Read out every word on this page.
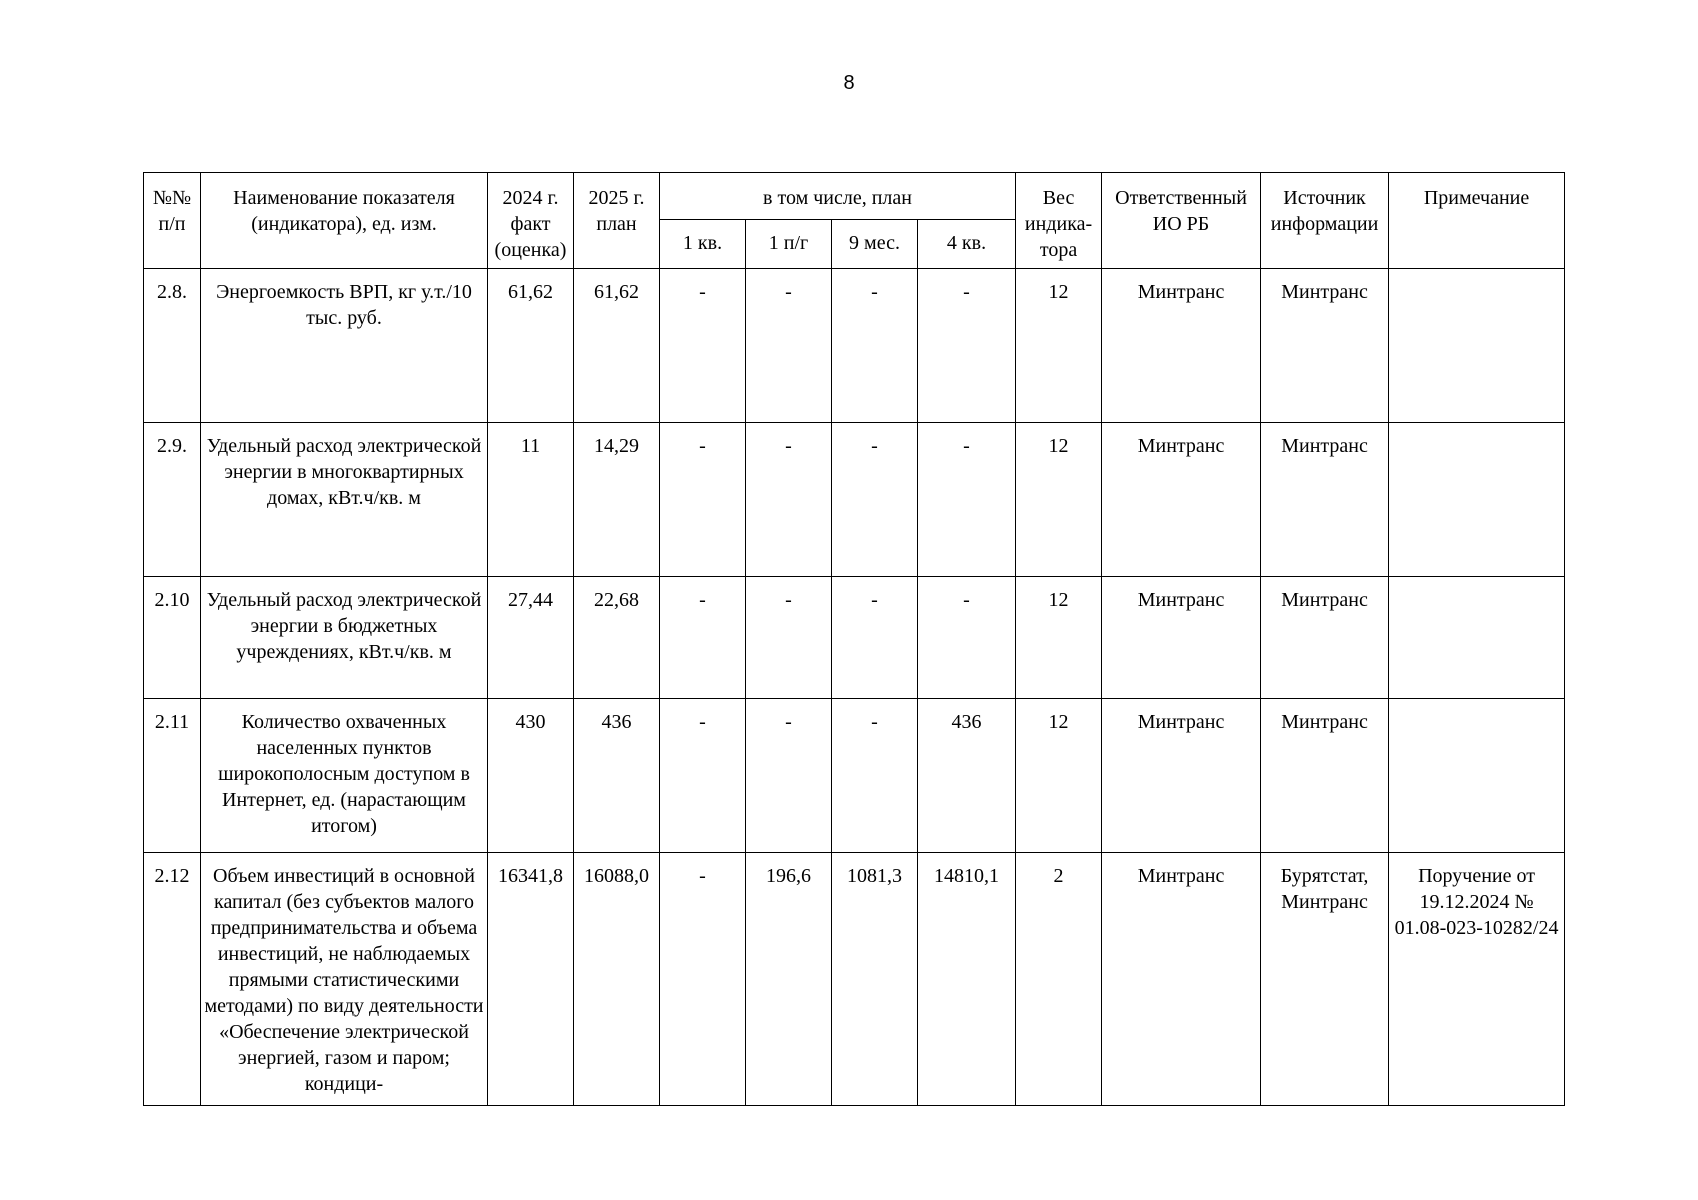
8
№№ п/п	Наименование показателя (индикатора), ед. изм.	2024 г. факт (оценка)	2025 г. план	в том числе, план				Вес индика-тора	Ответственный ИО РБ	Источник информации	Примечание
				1 кв.	1 п/г	9 мес.	4 кв.				
2.8.	Энергоемкость ВРП, кг у.т./10 тыс. руб.	61,62	61,62	-	-	-	-	12	Минтранс	Минтранс	
2.9.	Удельный расход электрической энергии в многоквартирных домах, кВт.ч/кв. м	11	14,29	-	-	-	-	12	Минтранс	Минтранс	
2.10	Удельный расход электрической энергии в бюджетных учреждениях, кВт.ч/кв. м	27,44	22,68	-	-	-	-	12	Минтранс	Минтранс	
2.11	Количество охваченных населенных пунктов широкополосным доступом в Интернет, ед. (нарастающим итогом)	430	436	-	-	-	436	12	Минтранс	Минтранс	
2.12	Объем инвестиций в основной капитал (без субъектов малого предпринимательства и объема инвестиций, не наблюдаемых прямыми статистическими методами) по виду деятельности «Обеспечение электрической энергией, газом и паром; кондици-	16341,8	16088,0	-	196,6	1081,3	14810,1	2	Минтранс	Бурятстат, Минтранс	Поручение от 19.12.2024 № 01.08-023-10282/24
